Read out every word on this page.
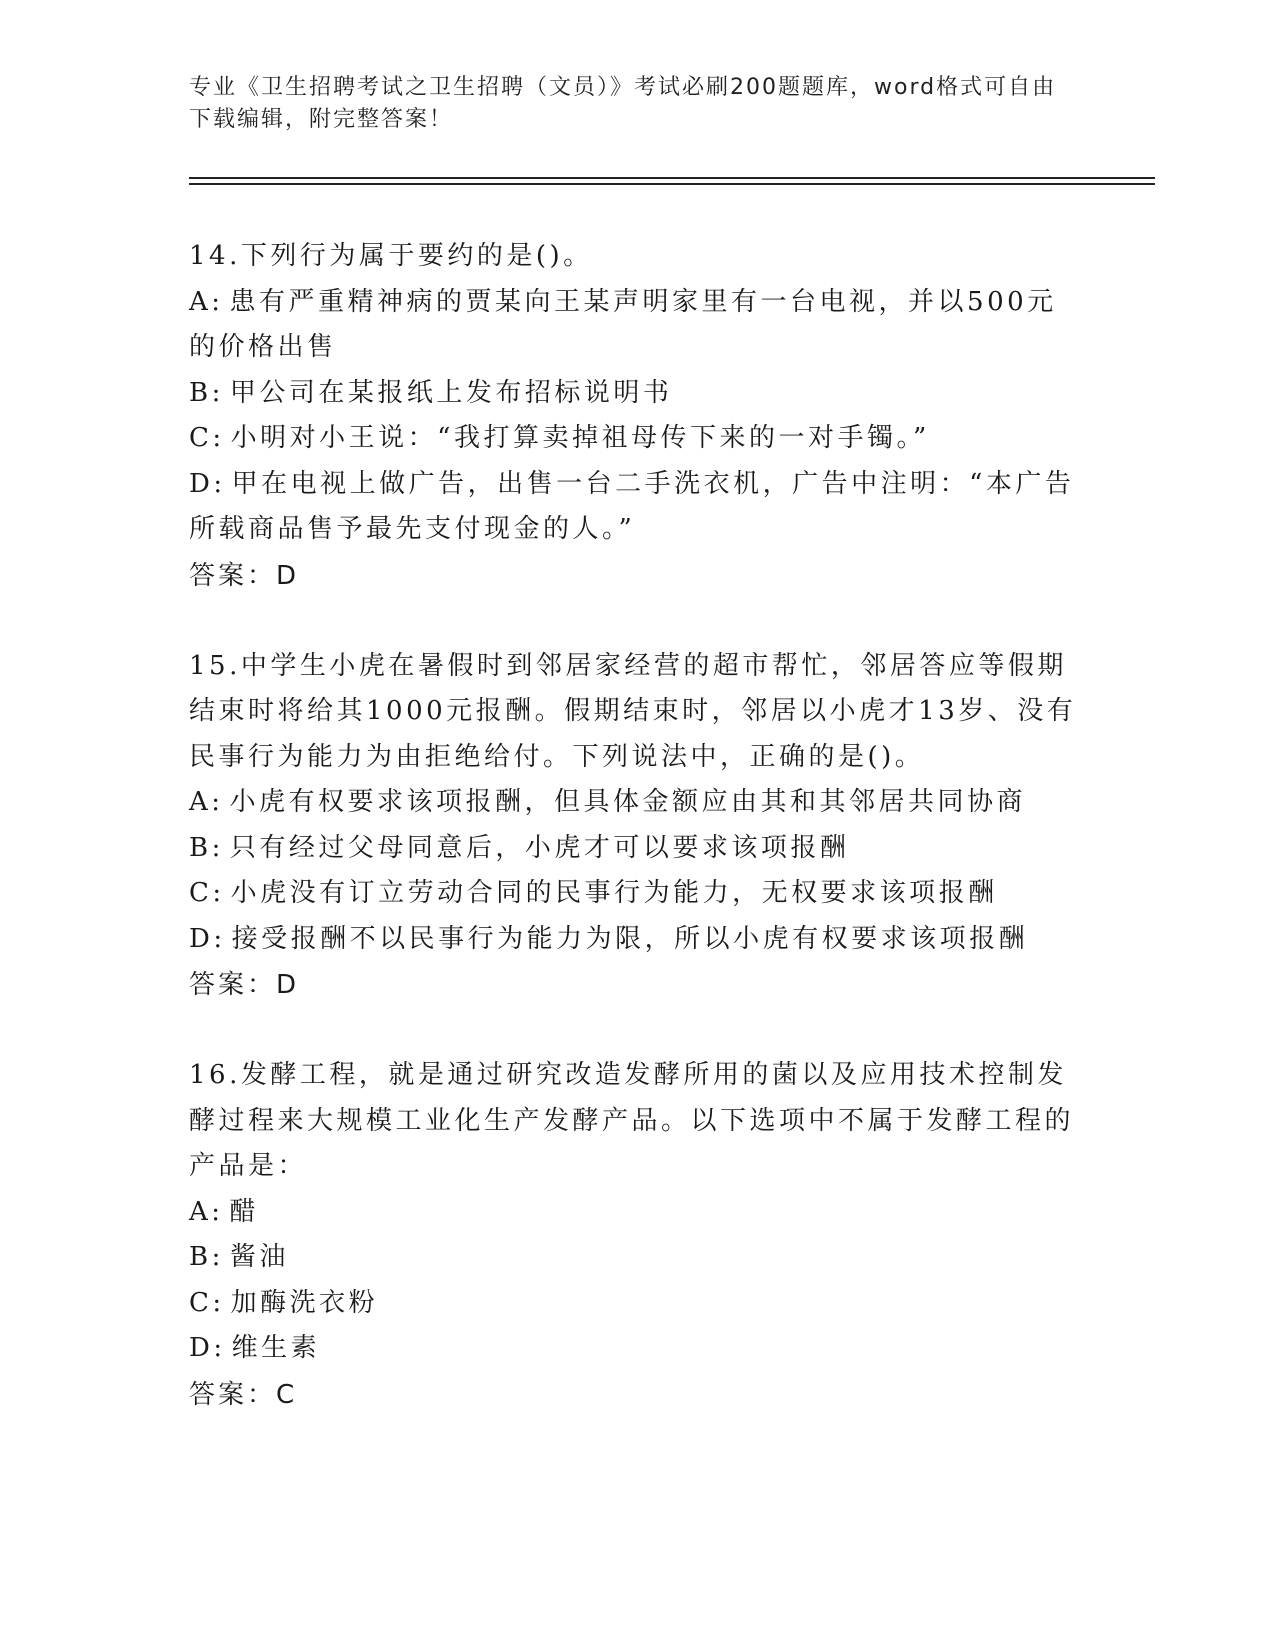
专业《卫生招聘考试之卫生招聘（文员）》考试必刷200题题库，word格式可自由下载编辑，附完整答案！

14.下列行为属于要约的是()。

A: 患有严重精神病的贾某向王某声明家里有一台电视，并以500元的价格出售

B: 甲公司在某报纸上发布招标说明书

C: 小明对小王说：“我打算卖掉祖母传下来的一对手镯。”

D: 甲在电视上做广告，出售一台二手洗衣机，广告中注明：“本广告所载商品售予最先支付现金的人。”

答案：D

15.中学生小虎在暑假时到邻居家经营的超市帮忙，邻居答应等假期结束时将给其1000元报酬。假期结束时，邻居以小虎才13岁、没有民事行为能力为由拒绝给付。下列说法中，正确的是()。

A: 小虎有权要求该项报酬，但具体金额应由其和其邻居共同协商

B: 只有经过父母同意后，小虎才可以要求该项报酬

C: 小虎没有订立劳动合同的民事行为能力，无权要求该项报酬

D: 接受报酬不以民事行为能力为限，所以小虎有权要求该项报酬

答案：D

16.发酵工程，就是通过研究改造发酵所用的菌以及应用技术控制发酵过程来大规模工业化生产发酵产品。以下选项中不属于发酵工程的产品是：

A: 醋

B: 酱油

C: 加酶洗衣粉

D: 维生素

答案：C
